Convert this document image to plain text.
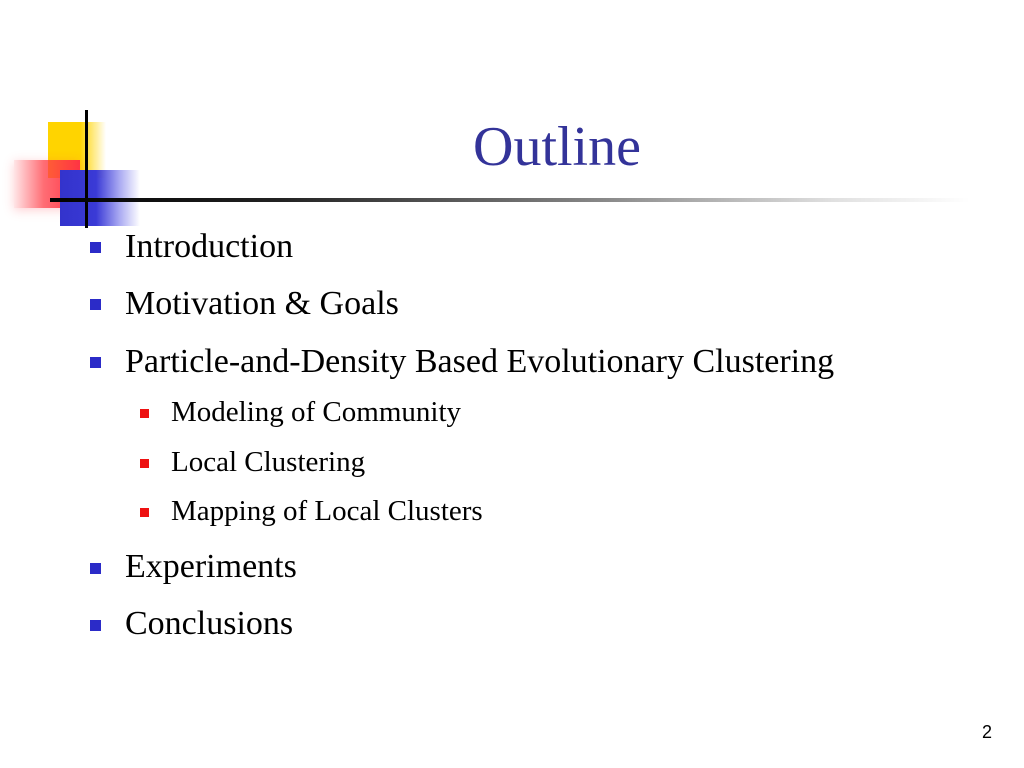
Outline
Introduction
Motivation & Goals
Particle-and-Density Based Evolutionary Clustering
Modeling of Community
Local Clustering
Mapping of Local Clusters
Experiments
Conclusions
2
